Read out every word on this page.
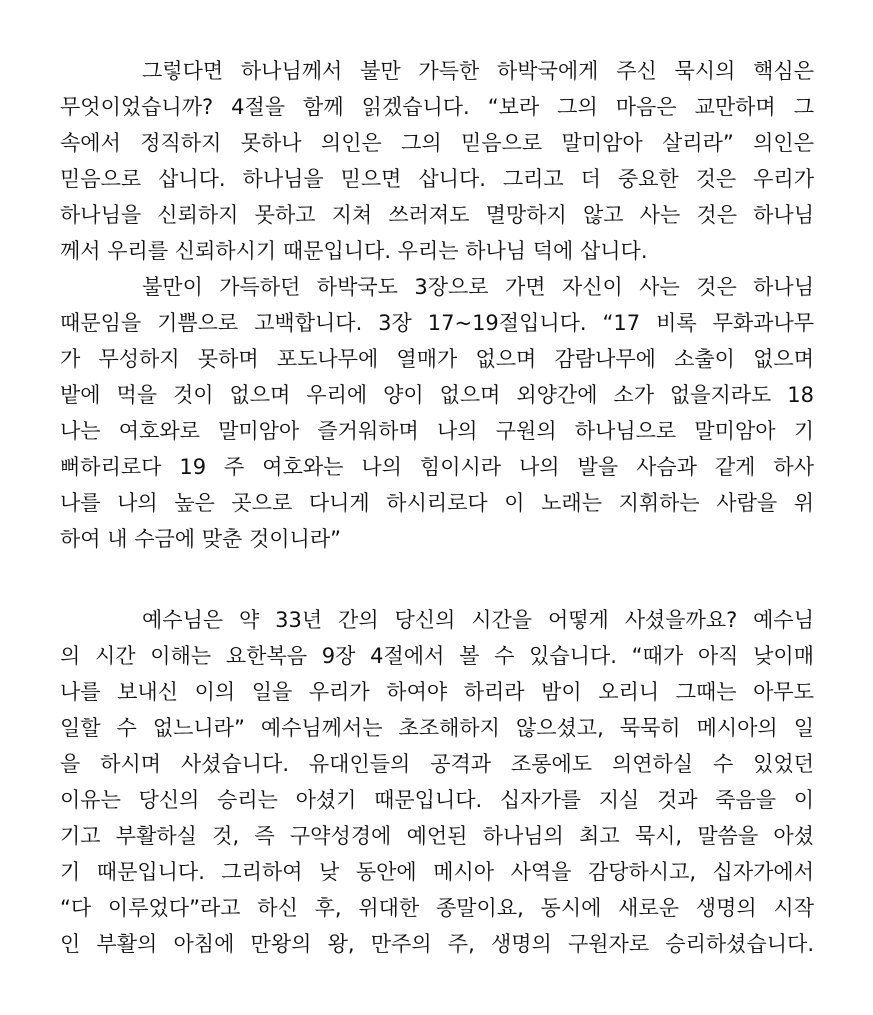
그렇다면 하나님께서 불만 가득한 하박국에게 주신 묵시의 핵심은
무엇이었습니까? 4절을 함께 읽겠습니다. “보라 그의 마음은 교만하며 그
속에서 정직하지 못하나 의인은 그의 믿음으로 말미암아 살리라” 의인은
믿음으로 삽니다. 하나님을 믿으면 삽니다. 그리고 더 중요한 것은 우리가
하나님을 신뢰하지 못하고 지쳐 쓰러져도 멸망하지 않고 사는 것은 하나님
께서 우리를 신뢰하시기 때문입니다. 우리는 하나님 덕에 삽니다.
불만이 가득하던 하박국도 3장으로 가면 자신이 사는 것은 하나님
때문임을 기쁨으로 고백합니다. 3장 17~19절입니다. “17 비록 무화과나무
가 무성하지 못하며 포도나무에 열매가 없으며 감람나무에 소출이 없으며
밭에 먹을 것이 없으며 우리에 양이 없으며 외양간에 소가 없을지라도 18
나는 여호와로 말미암아 즐거워하며 나의 구원의 하나님으로 말미암아 기
뻐하리로다 19 주 여호와는 나의 힘이시라 나의 발을 사슴과 같게 하사
나를 나의 높은 곳으로 다니게 하시리로다 이 노래는 지휘하는 사람을 위
하여 내 수금에 맞춘 것이니라”
예수님은 약 33년 간의 당신의 시간을 어떻게 사셨을까요? 예수님
의 시간 이해는 요한복음 9장 4절에서 볼 수 있습니다. “때가 아직 낮이매
나를 보내신 이의 일을 우리가 하여야 하리라 밤이 오리니 그때는 아무도
일할 수 없느니라” 예수님께서는 초조해하지 않으셨고, 묵묵히 메시아의 일
을 하시며 사셨습니다. 유대인들의 공격과 조롱에도 의연하실 수 있었던
이유는 당신의 승리는 아셨기 때문입니다. 십자가를 지실 것과 죽음을 이
기고 부활하실 것, 즉 구약성경에 예언된 하나님의 최고 묵시, 말씀을 아셨
기 때문입니다. 그리하여 낮 동안에 메시아 사역을 감당하시고, 십자가에서
“다 이루었다”라고 하신 후, 위대한 종말이요, 동시에 새로운 생명의 시작
인 부활의 아침에 만왕의 왕, 만주의 주, 생명의 구원자로 승리하셨습니다.
